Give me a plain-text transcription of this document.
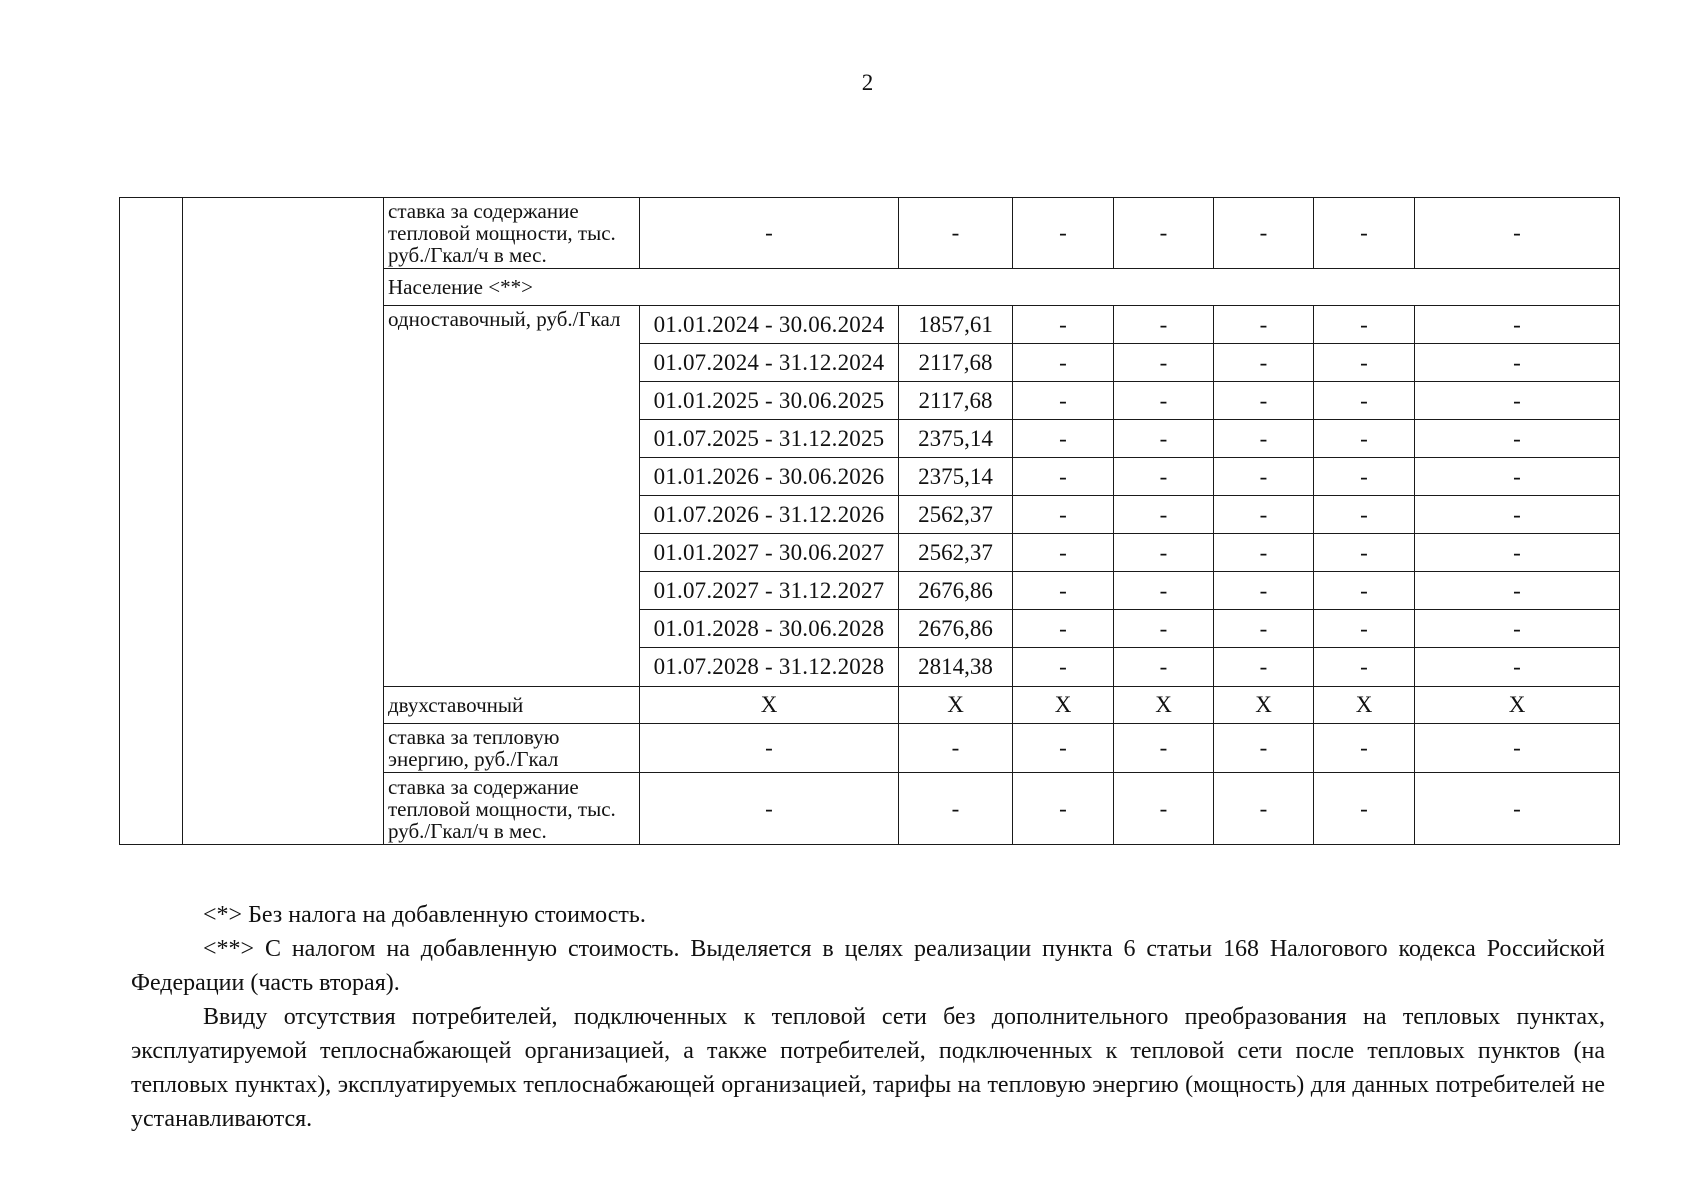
2
		ставка за содержание тепловой мощности, тыс. руб./Гкал/ч в мес.	-	-	-	-	-	-	-
		Население <**>							
		одноставочный, руб./Гкал	01.01.2024 - 30.06.2024	1857,61	-	-	-	-	-
			01.07.2024 - 31.12.2024	2117,68	-	-	-	-	-
			01.01.2025 - 30.06.2025	2117,68	-	-	-	-	-
			01.07.2025 - 31.12.2025	2375,14	-	-	-	-	-
			01.01.2026 - 30.06.2026	2375,14	-	-	-	-	-
			01.07.2026 - 31.12.2026	2562,37	-	-	-	-	-
			01.01.2027 - 30.06.2027	2562,37	-	-	-	-	-
			01.07.2027 - 31.12.2027	2676,86	-	-	-	-	-
			01.01.2028 - 30.06.2028	2676,86	-	-	-	-	-
			01.07.2028 - 31.12.2028	2814,38	-	-	-	-	-
		двухставочный	X	X	X	X	X	X	X
		ставка за тепловую энергию, руб./Гкал	-	-	-	-	-	-	-
		ставка за содержание тепловой мощности, тыс. руб./Гкал/ч в мес.	-	-	-	-	-	-	-

<*> Без налога на добавленную стоимость.

<**> С налогом на добавленную стоимость. Выделяется в целях реализации пункта 6 статьи 168 Налогового кодекса Российской Федерации (часть вторая).

Ввиду отсутствия потребителей, подключенных к тепловой сети без дополнительного преобразования на тепловых пунктах, эксплуатируемой теплоснабжающей организацией, а также потребителей, подключенных к тепловой сети после тепловых пунктов (на тепловых пунктах), эксплуатируемых теплоснабжающей организацией, тарифы на тепловую энергию (мощность) для данных потребителей не устанавливаются.
